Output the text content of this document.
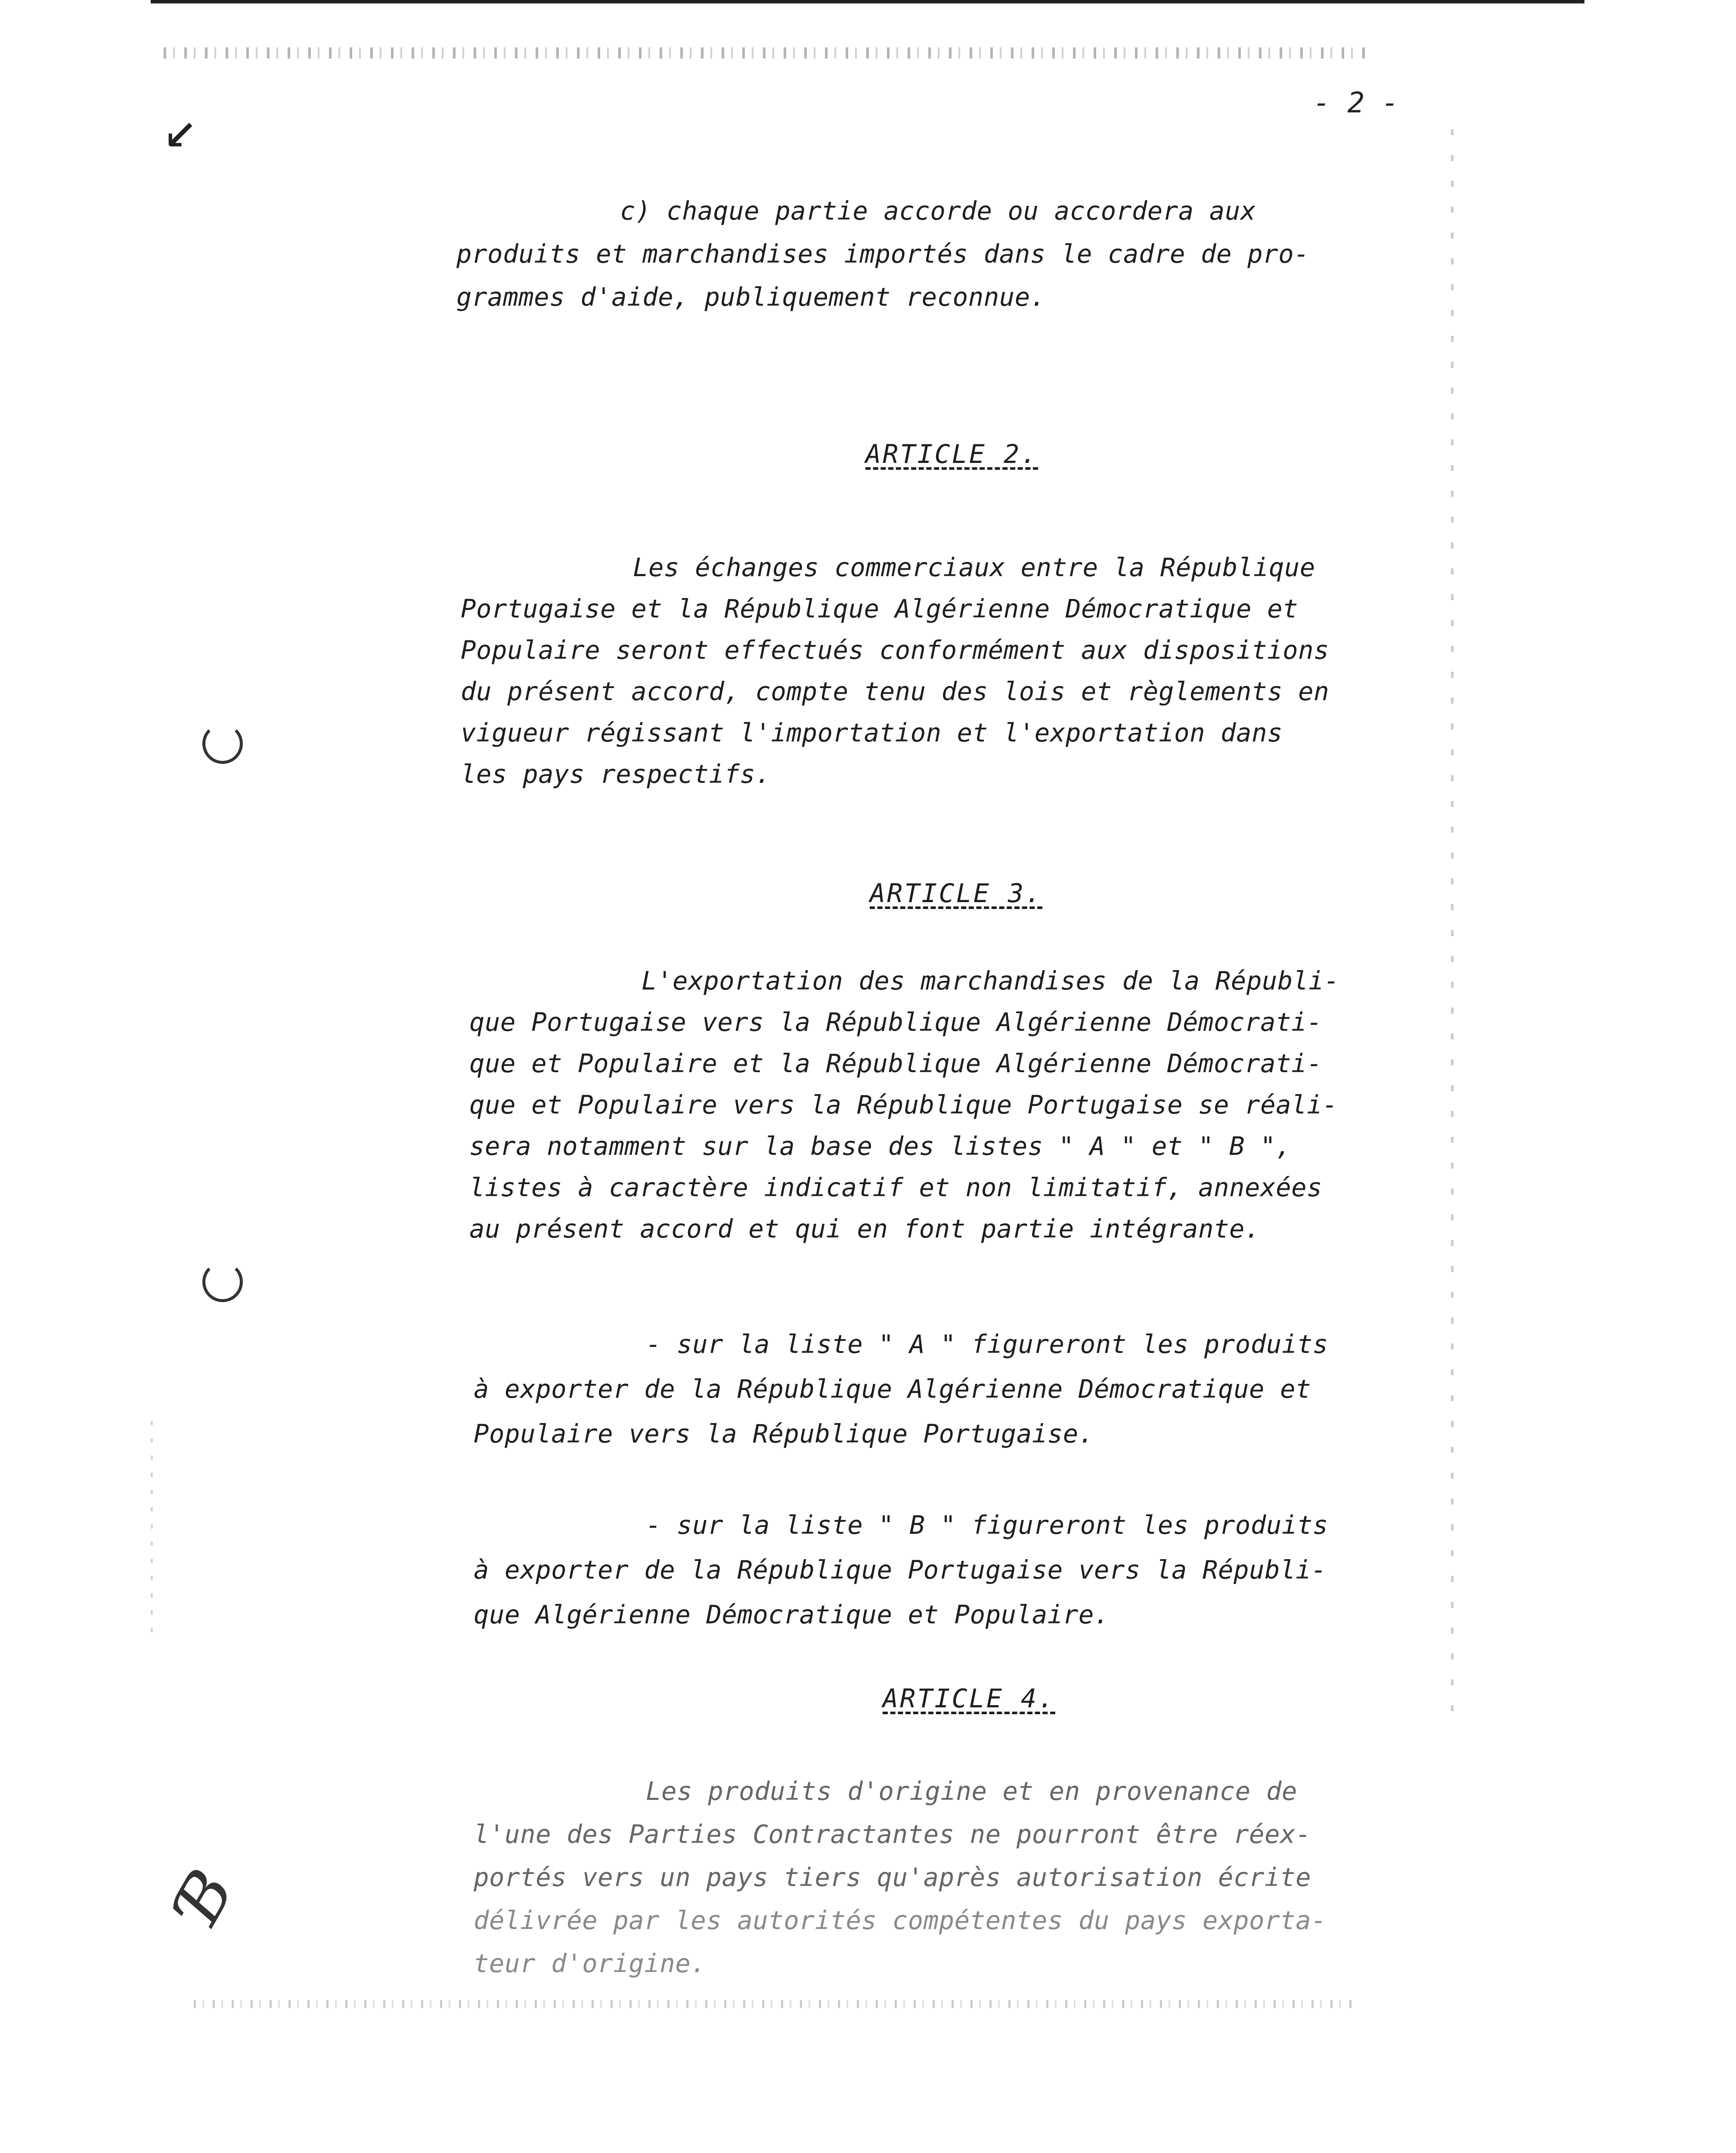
↙
Ɓ
- 2 -
c) chaque partie accorde ou accordera aux
produits et marchandises importés dans le cadre de pro-
grammes d'aide, publiquement reconnue.
ARTICLE 2.
Les échanges commerciaux entre la République
Portugaise et la République Algérienne Démocratique et
Populaire seront effectués conformément aux dispositions
du présent accord, compte tenu des lois et règlements en
vigueur régissant l'importation et l'exportation dans
les pays respectifs.
ARTICLE 3.
L'exportation des marchandises de la Républi-
que Portugaise vers la République Algérienne Démocrati-
que et Populaire et la République Algérienne Démocrati-
que et Populaire vers la République Portugaise se réali-
sera notamment sur la base des listes " A " et " B ",
listes à caractère indicatif et non limitatif, annexées
au présent accord et qui en font partie intégrante.
- sur la liste " A " figureront les produits
à exporter de la République Algérienne Démocratique et
Populaire vers la République Portugaise.
- sur la liste " B " figureront les produits
à exporter de la République Portugaise vers la Républi-
que Algérienne Démocratique et Populaire.
ARTICLE 4.
Les produits d'origine et en provenance de
l'une des Parties Contractantes ne pourront être réex-
portés vers un pays tiers qu'après autorisation écrite
délivrée par les autorités compétentes du pays exporta-
teur d'origine.
